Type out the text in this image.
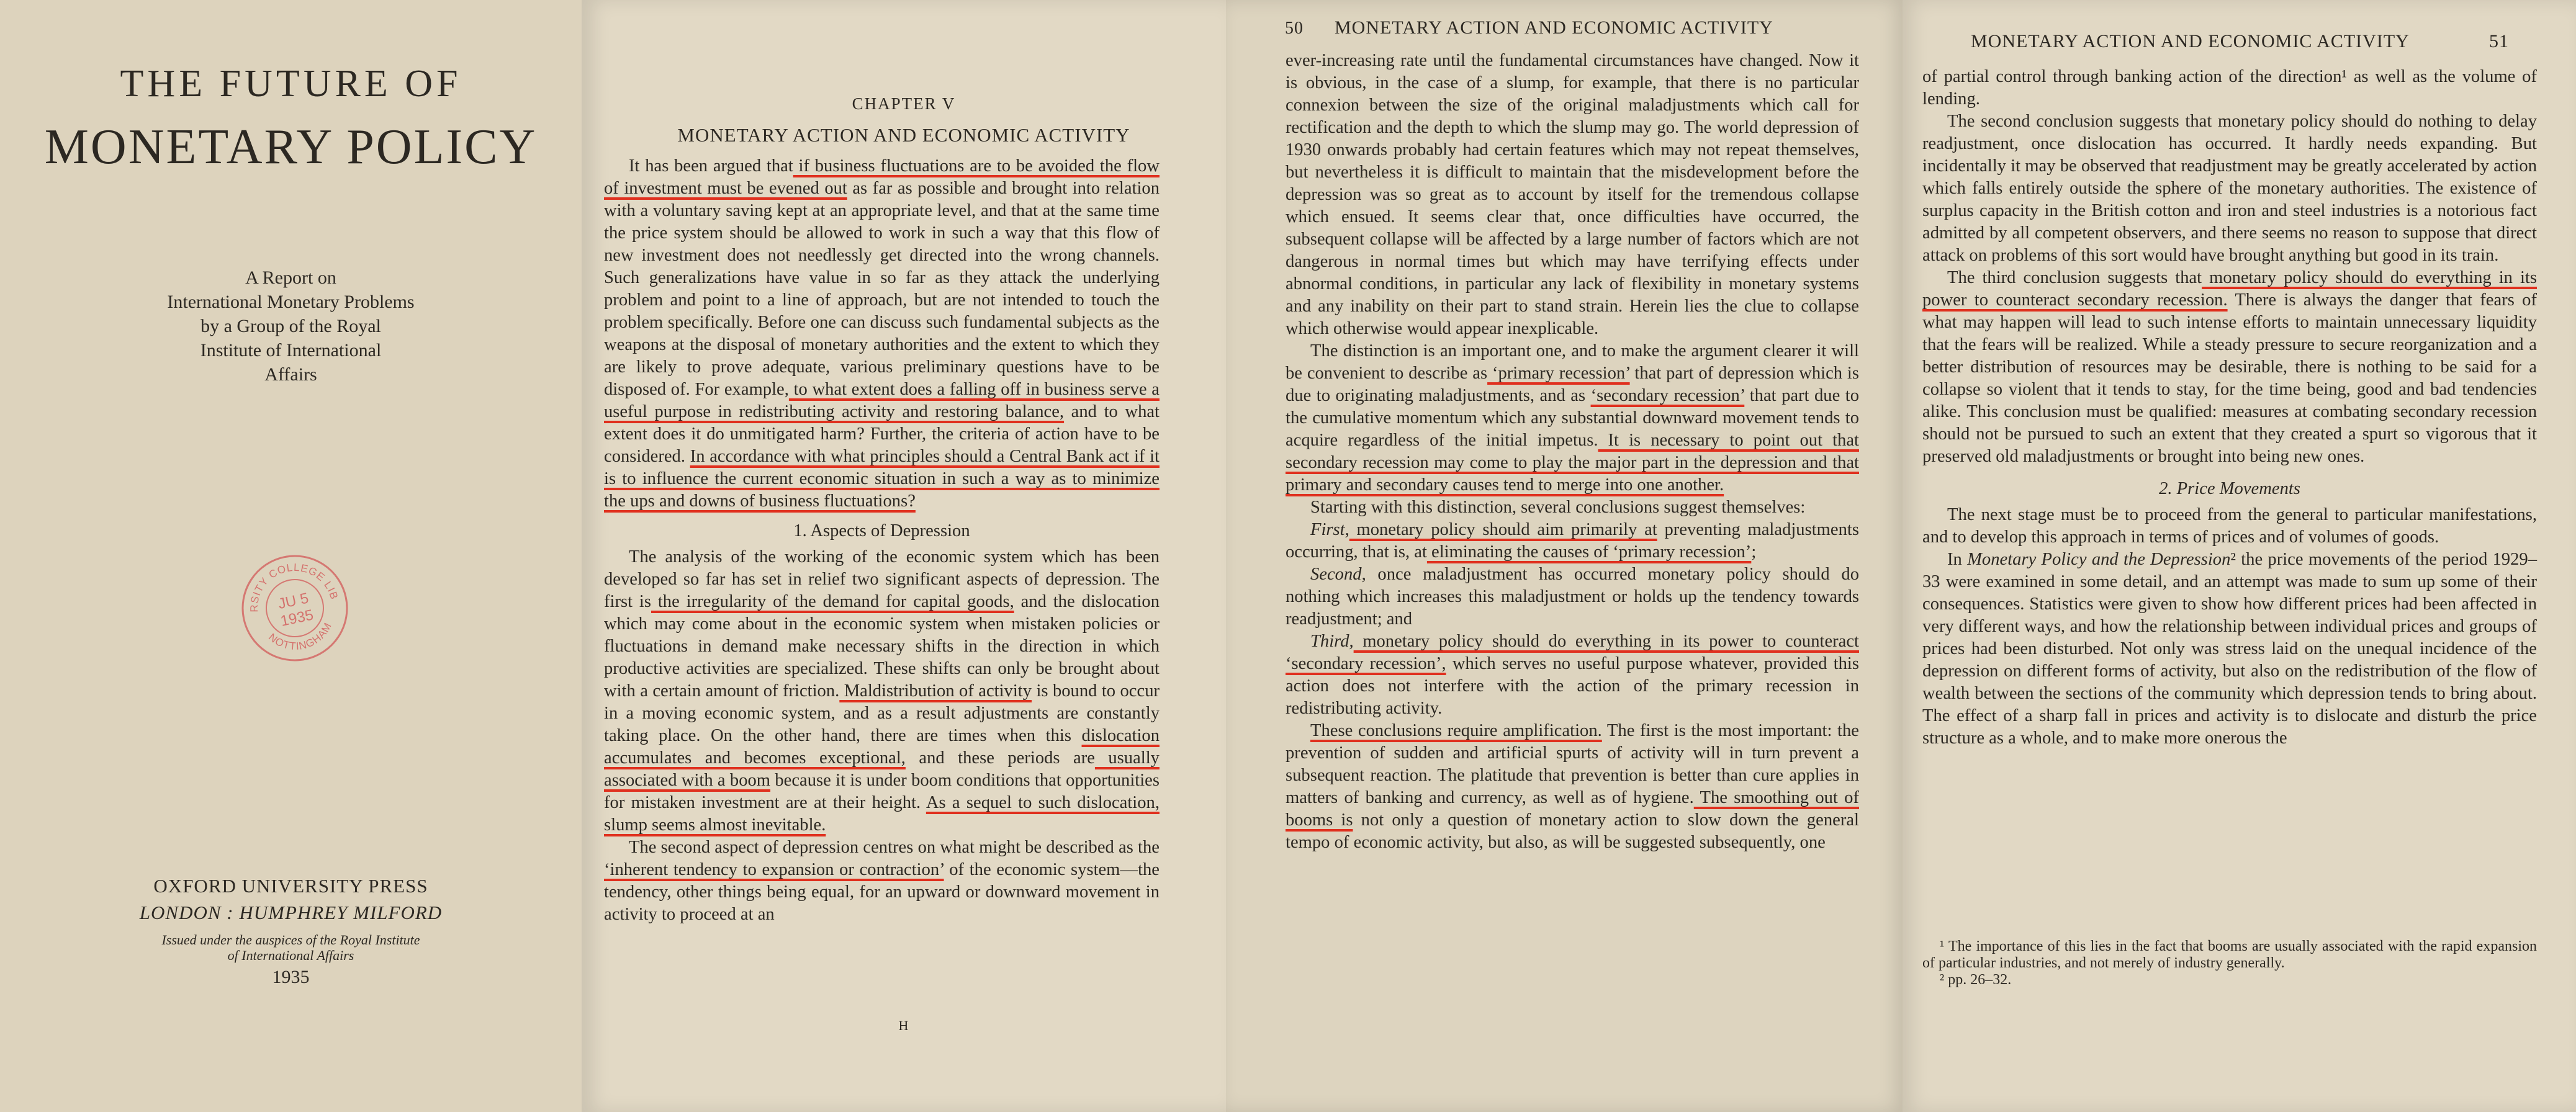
THE FUTURE OF
MONETARY POLICY
A Report on
International Monetary Problems
by a Group of the Royal
Institute of International
Affairs
UNIVERSITY COLLEGE LIBRARY
NOTTINGHAM
JU 5
1935
OXFORD UNIVERSITY PRESS
LONDON : HUMPHREY MILFORD
Issued under the auspices of the Royal Institute
of International Affairs
1935
CHAPTER V
MONETARY ACTION AND ECONOMIC ACTIVITY

It has been argued that if business fluctuations are to be avoided the flow of investment must be evened out as far as possible and brought into relation with a voluntary saving kept at an appropriate level, and that at the same time the price system should be allowed to work in such a way that this flow of new investment does not needlessly get directed into the wrong channels. Such generalizations have value in so far as they attack the underlying problem and point to a line of approach, but are not intended to touch the problem specifically. Before one can discuss such fundamental subjects as the weapons at the disposal of monetary authorities and the extent to which they are likely to prove adequate, various preliminary questions have to be disposed of. For example, to what extent does a falling off in business serve a useful purpose in redistributing activity and restoring balance, and to what extent does it do unmitigated harm? Further, the criteria of action have to be considered. In accordance with what principles should a Central Bank act if it is to influence the current economic situation in such a way as to minimize the ups and downs of business fluctuations?

1. Aspects of Depression

The analysis of the working of the economic system which has been developed so far has set in relief two significant aspects of depression. The first is the irregularity of the demand for capital goods, and the dislocation which may come about in the economic system when mistaken policies or fluctuations in demand make necessary shifts in the direction in which productive activities are specialized. These shifts can only be brought about with a certain amount of friction. Maldistribution of activity is bound to occur in a moving economic system, and as a result adjustments are constantly taking place. On the other hand, there are times when this dislocation accumulates and becomes exceptional, and these periods are usually associated with a boom because it is under boom conditions that opportunities for mistaken investment are at their height. As a sequel to such dislocation, slump seems almost inevitable.

The second aspect of depression centres on what might be described as the ‘inherent tendency to expansion or contraction’ of the economic system—the tendency, other things being equal, for an upward or downward movement in activity to proceed at an

H
50 MONETARY ACTION AND ECONOMIC ACTIVITY

ever-increasing rate until the fundamental circumstances have changed. Now it is obvious, in the case of a slump, for example, that there is no particular connexion between the size of the original maladjustments which call for rectification and the depth to which the slump may go. The world depression of 1930 onwards probably had certain features which may not repeat themselves, but nevertheless it is difficult to maintain that the misdevelopment before the depression was so great as to account by itself for the tremendous collapse which ensued. It seems clear that, once difficulties have occurred, the subsequent collapse will be affected by a large number of factors which are not dangerous in normal times but which may have terrifying effects under abnormal conditions, in particular any lack of flexibility in monetary systems and any inability on their part to stand strain. Herein lies the clue to collapse which otherwise would appear inexplicable.

The distinction is an important one, and to make the argument clearer it will be convenient to describe as ‘primary recession’ that part of depression which is due to originating maladjustments, and as ‘secondary recession’ that part due to the cumulative momentum which any substantial downward movement tends to acquire regardless of the initial impetus. It is necessary to point out that secondary recession may come to play the major part in the depression and that primary and secondary causes tend to merge into one another.

Starting with this distinction, several conclusions suggest themselves:

First, monetary policy should aim primarily at preventing maladjustments occurring, that is, at eliminating the causes of ‘primary recession’;

Second, once maladjustment has occurred monetary policy should do nothing which increases this maladjustment or holds up the tendency towards readjustment; and

Third, monetary policy should do everything in its power to counteract ‘secondary recession’, which serves no useful purpose whatever, provided this action does not interfere with the action of the primary recession in redistributing activity.

These conclusions require amplification. The first is the most important: the prevention of sudden and artificial spurts of activity will in turn prevent a subsequent reaction. The platitude that prevention is better than cure applies in matters of banking and currency, as well as of hygiene. The smoothing out of booms is not only a question of monetary action to slow down the general tempo of economic activity, but also, as will be suggested subsequently, one

MONETARY ACTION AND ECONOMIC ACTIVITY	51

of partial control through banking action of the direction¹ as well as the volume of lending.

The second conclusion suggests that monetary policy should do nothing to delay readjustment, once dislocation has occurred. It hardly needs expanding. But incidentally it may be observed that readjustment may be greatly accelerated by action which falls entirely outside the sphere of the monetary authorities. The existence of surplus capacity in the British cotton and iron and steel industries is a notorious fact admitted by all competent observers, and there seems no reason to suppose that direct attack on problems of this sort would have brought anything but good in its train.

The third conclusion suggests that monetary policy should do everything in its power to counteract secondary recession. There is always the danger that fears of what may happen will lead to such intense efforts to maintain unnecessary liquidity that the fears will be realized. While a steady pressure to secure reorganization and a better distribution of resources may be desirable, there is nothing to be said for a collapse so violent that it tends to stay, for the time being, good and bad tendencies alike. This conclusion must be qualified: measures at combating secondary recession should not be pursued to such an extent that they created a spurt so vigorous that it preserved old maladjustments or brought into being new ones.

2. Price Movements

The next stage must be to proceed from the general to particular manifestations, and to develop this approach in terms of prices and of volumes of goods.

In Monetary Policy and the Depression² the price movements of the period 1929–33 were examined in some detail, and an attempt was made to sum up some of their consequences. Statistics were given to show how different prices had been affected in very different ways, and how the relationship between individual prices and groups of prices had been disturbed. Not only was stress laid on the unequal incidence of the depression on different forms of activity, but also on the redistribution of the flow of wealth between the sections of the community which depression tends to bring about. The effect of a sharp fall in prices and activity is to dislocate and disturb the price structure as a whole, and to make more onerous the

¹ The importance of this lies in the fact that booms are usually associated with the rapid expansion of particular industries, and not merely of industry generally.

² pp. 26–32.
